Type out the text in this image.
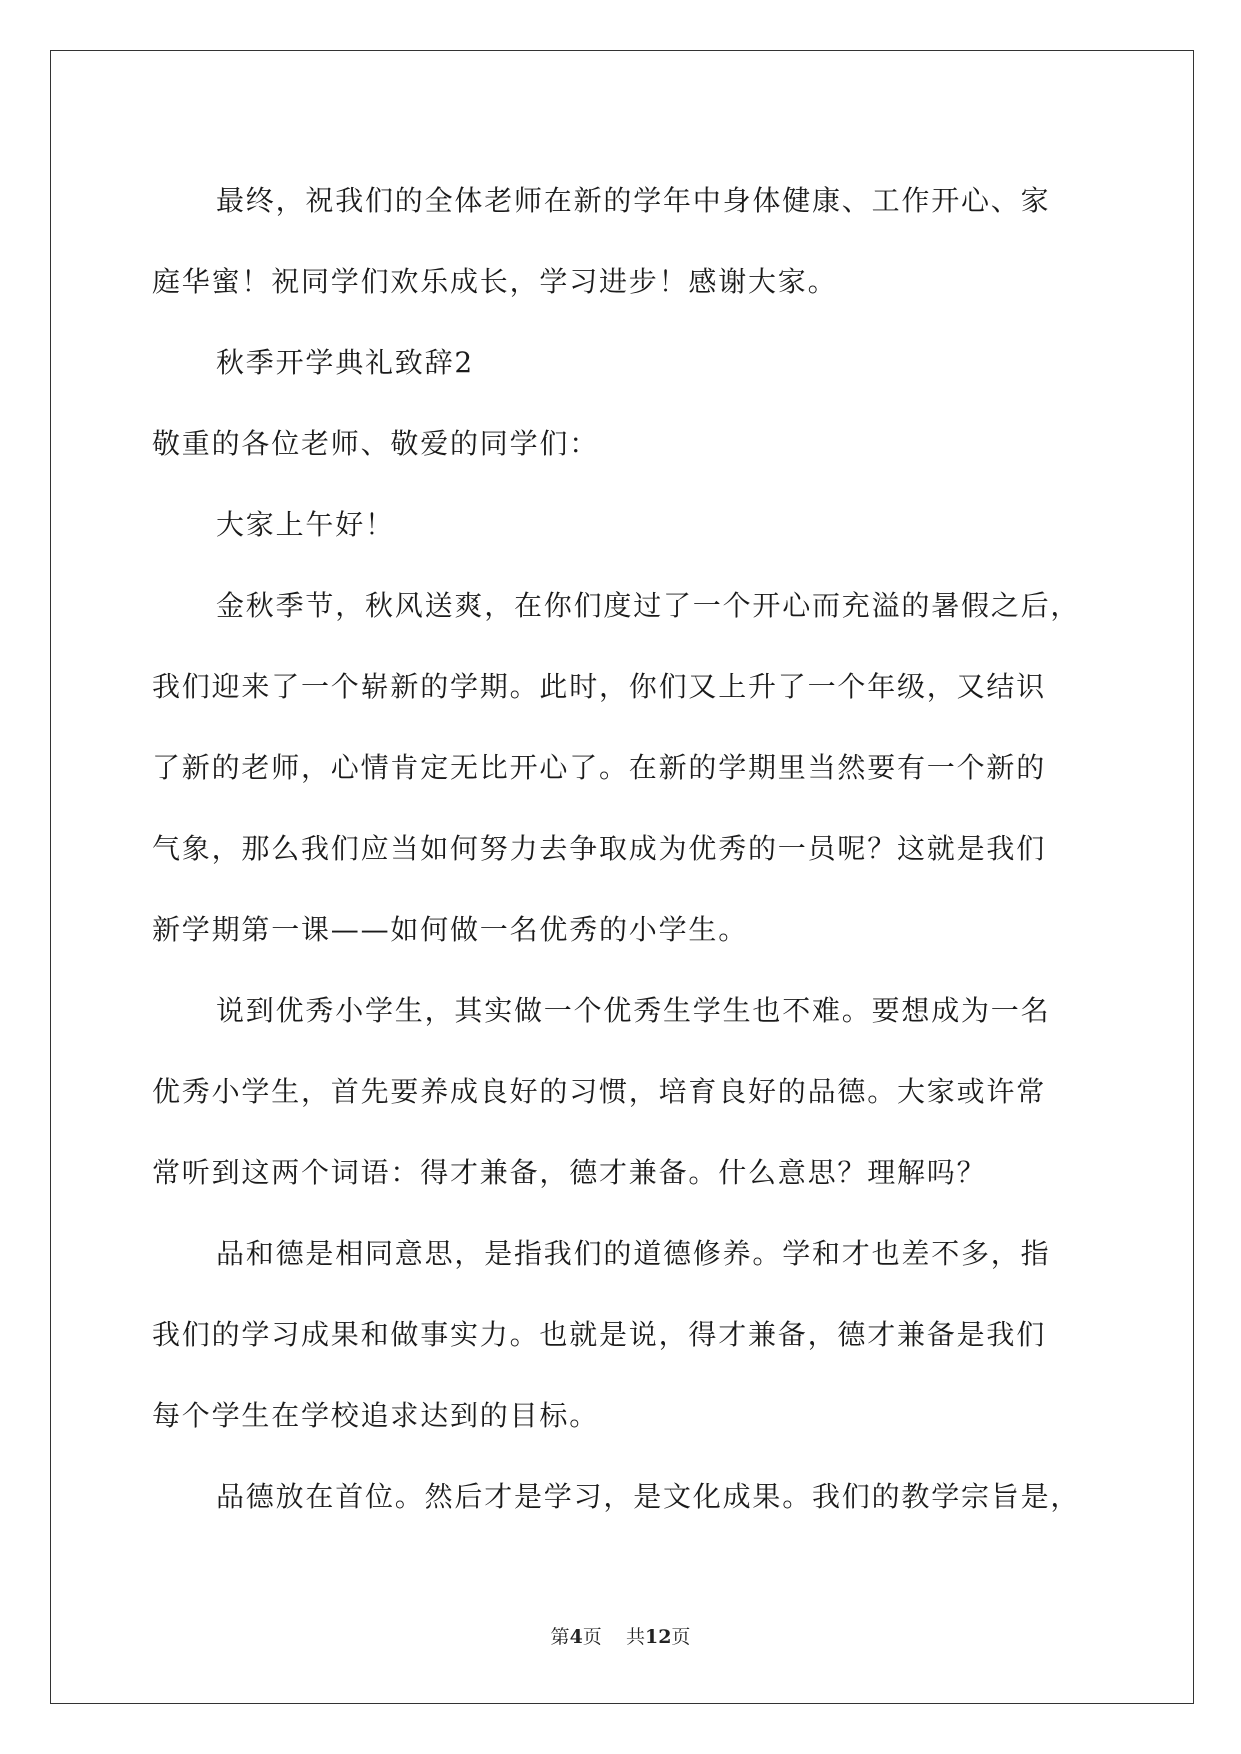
最终，祝我们的全体老师在新的学年中身体健康、工作开心、家
庭华蜜！祝同学们欢乐成长，学习进步！感谢大家。

秋季开学典礼致辞2

敬重的各位老师、敬爱的同学们：

大家上午好！

金秋季节，秋风送爽，在你们度过了一个开心而充溢的暑假之后，
我们迎来了一个崭新的学期。此时，你们又上升了一个年级，又结识
了新的老师，心情肯定无比开心了。在新的学期里当然要有一个新的
气象，那么我们应当如何努力去争取成为优秀的一员呢？这就是我们
新学期第一课——如何做一名优秀的小学生。

说到优秀小学生，其实做一个优秀生学生也不难。要想成为一名
优秀小学生，首先要养成良好的习惯，培育良好的品德。大家或许常
常听到这两个词语：得才兼备，德才兼备。什么意思？理解吗？

品和德是相同意思，是指我们的道德修养。学和才也差不多，指
我们的学习成果和做事实力。也就是说，得才兼备，德才兼备是我们
每个学生在学校追求达到的目标。

品德放在首位。然后才是学习，是文化成果。我们的教学宗旨是，

第4页    共12页
